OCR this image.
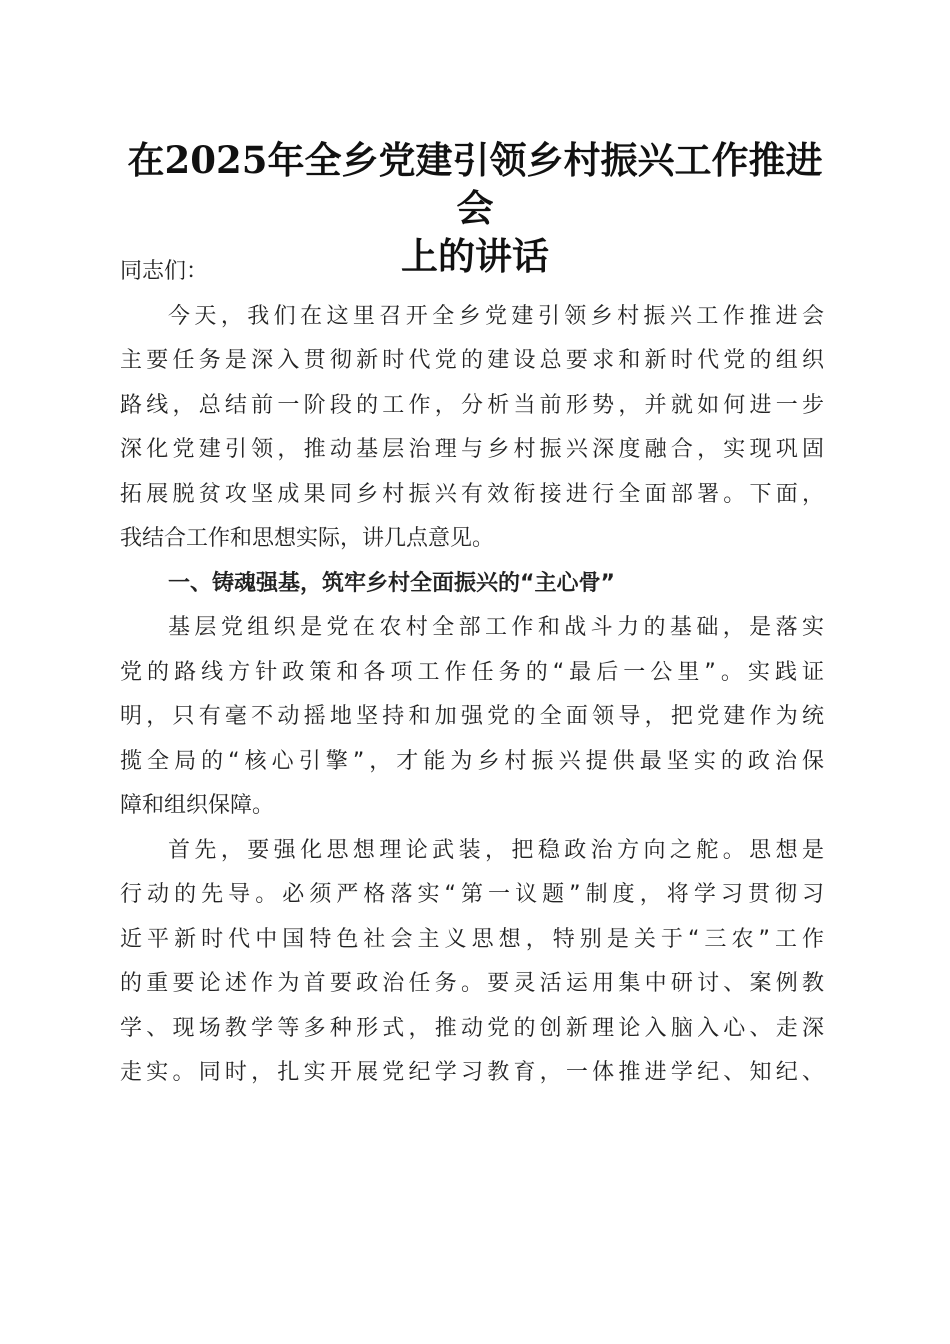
在2025年全乡党建引领乡村振兴工作推进会
上的讲话
同志们：
今天，我们在这里召开全乡党建引领乡村振兴工作推进会
主要任务是深入贯彻新时代党的建设总要求和新时代党的组织
路线，总结前一阶段的工作，分析当前形势，并就如何进一步
深化党建引领，推动基层治理与乡村振兴深度融合，实现巩固
拓展脱贫攻坚成果同乡村振兴有效衔接进行全面部署。下面，
我结合工作和思想实际，讲几点意见。
一、铸魂强基，筑牢乡村全面振兴的“主心骨”
基层党组织是党在农村全部工作和战斗力的基础，是落实
党的路线方针政策和各项工作任务的“最后一公里”。实践证
明，只有毫不动摇地坚持和加强党的全面领导，把党建作为统
揽全局的“核心引擎”，才能为乡村振兴提供最坚实的政治保
障和组织保障。
首先，要强化思想理论武装，把稳政治方向之舵。思想是
行动的先导。必须严格落实“第一议题”制度，将学习贯彻习
近平新时代中国特色社会主义思想，特别是关于“三农”工作
的重要论述作为首要政治任务。要灵活运用集中研讨、案例教
学、现场教学等多种形式，推动党的创新理论入脑入心、走深
走实。同时，扎实开展党纪学习教育，一体推进学纪、知纪、
